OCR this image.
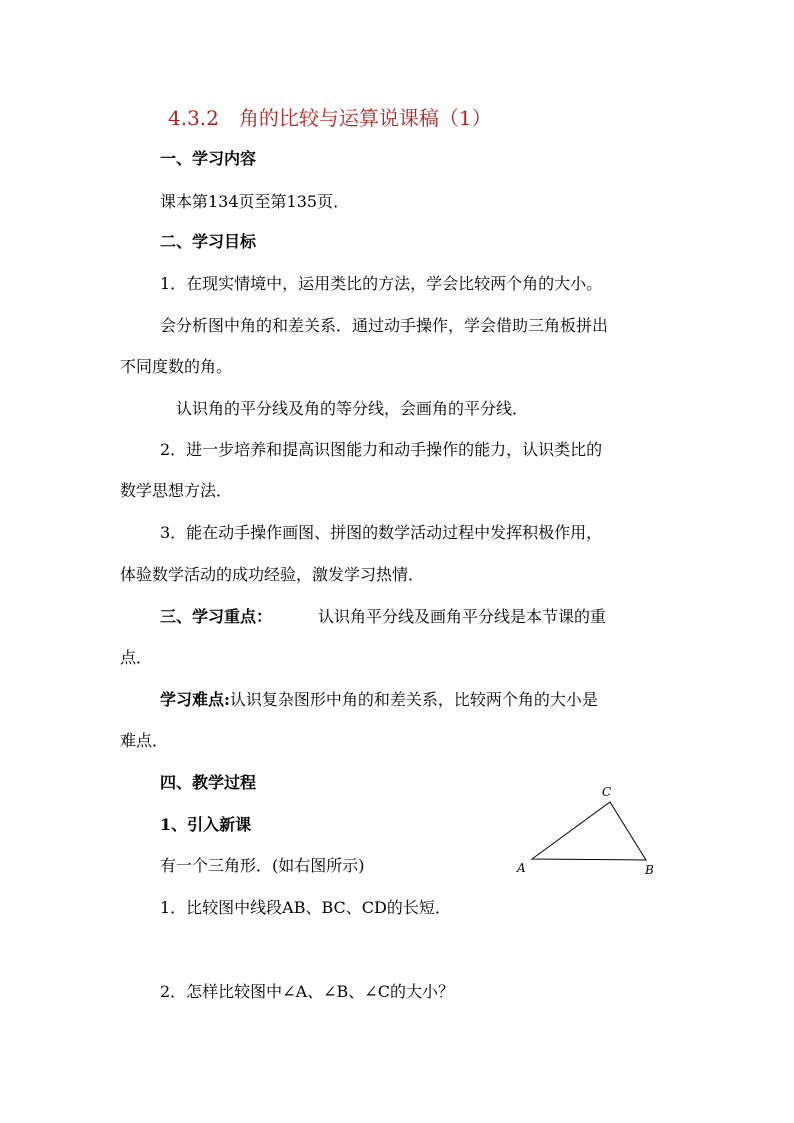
4.3.2　角的比较与运算说课稿（1）
一、学习内容
课本第134页至第135页．
二、学习目标
1．在现实情境中，运用类比的方法，学会比较两个角的大小。
会分析图中角的和差关系．通过动手操作，学会借助三角板拼出
不同度数的角。
认识角的平分线及角的等分线，会画角的平分线．
2．进一步培养和提高识图能力和动手操作的能力，认识类比的
数学思想方法．
3．能在动手操作画图、拼图的数学活动过程中发挥积极作用，
体验数学活动的成功经验，激发学习热情．
三、学习重点：	认识角平分线及画角平分线是本节课的重
点．
学习难点:认识复杂图形中角的和差关系，比较两个角的大小是
难点．
四、教学过程
1、引入新课
有一个三角形．(如右图所示)
1．比较图中线段AB、BC、CD的长短．
2．怎样比较图中∠A、∠B、∠C的大小？
A	B
C
